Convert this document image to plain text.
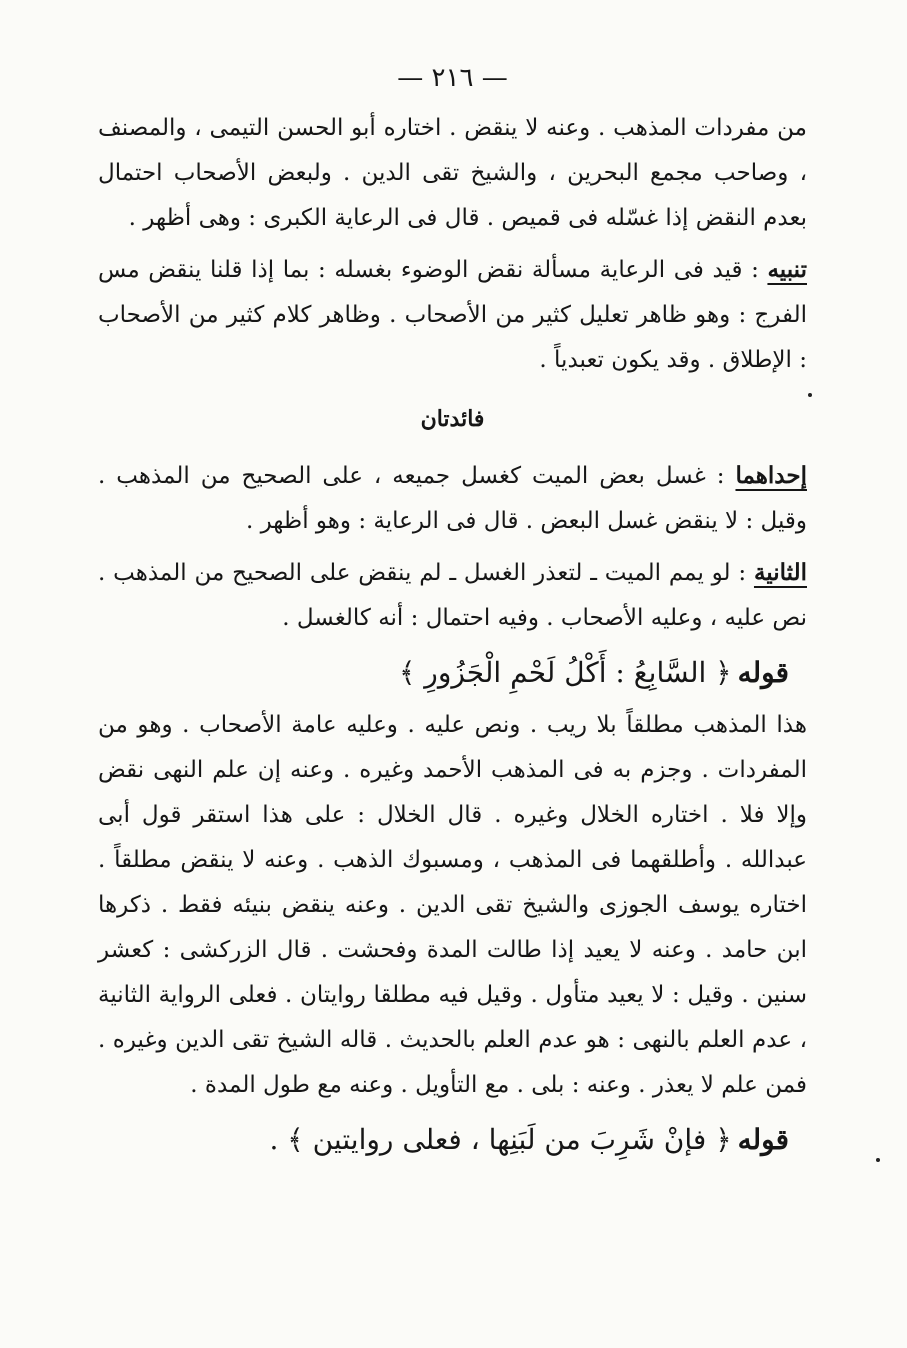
— ٢١٦ —

من مفردات المذهب . وعنه لا ينقض . اختاره أبو الحسن التيمى ، والمصنف ، وصاحب مجمع البحرين ، والشيخ تقى الدين . ولبعض الأصحاب احتمال بعدم النقض إذا غسّله فى قميص . قال فى الرعاية الكبرى : وهى أظهر .

تنبيه : قيد فى الرعاية مسألة نقض الوضوء بغسله : بما إذا قلنا ينقض مس الفرج : وهو ظاهر تعليل كثير من الأصحاب . وظاهر كلام كثير من الأصحاب : الإطلاق . وقد يكون تعبدياً .

فائدتان

إحداهما : غسل بعض الميت كغسل جميعه ، على الصحيح من المذهب . وقيل : لا ينقض غسل البعض . قال فى الرعاية : وهو أظهر .

الثانية : لو يمم الميت ـ لتعذر الغسل ـ لم ينقض على الصحيح من المذهب . نص عليه ، وعليه الأصحاب . وفيه احتمال : أنه كالغسل .

قوله﴿ السَّابِعُ : أَكْلُ لَحْمِ الْجَزُورِ ﴾

هذا المذهب مطلقاً بلا ريب . ونص عليه . وعليه عامة الأصحاب . وهو من المفردات . وجزم به فى المذهب الأحمد وغيره . وعنه إن علم النهى نقض وإلا فلا . اختاره الخلال وغيره . قال الخلال : على هذا استقر قول أبى عبدالله . وأطلقهما فى المذهب ، ومسبوك الذهب . وعنه لا ينقض مطلقاً . اختاره يوسف الجوزى والشيخ تقى الدين . وعنه ينقض بنيئه فقط . ذكرها ابن حامد . وعنه لا يعيد إذا طالت المدة وفحشت . قال الزركشى : كعشر سنين . وقيل : لا يعيد متأول . وقيل فيه مطلقا روايتان . فعلى الرواية الثانية ، عدم العلم بالنهى : هو عدم العلم بالحديث . قاله الشيخ تقى الدين وغيره . فمن علم لا يعذر . وعنه : بلى . مع التأويل . وعنه مع طول المدة .

قوله﴿ فإنْ شَرِبَ من لَبَنِها ، فعلى روايتين ﴾ .
